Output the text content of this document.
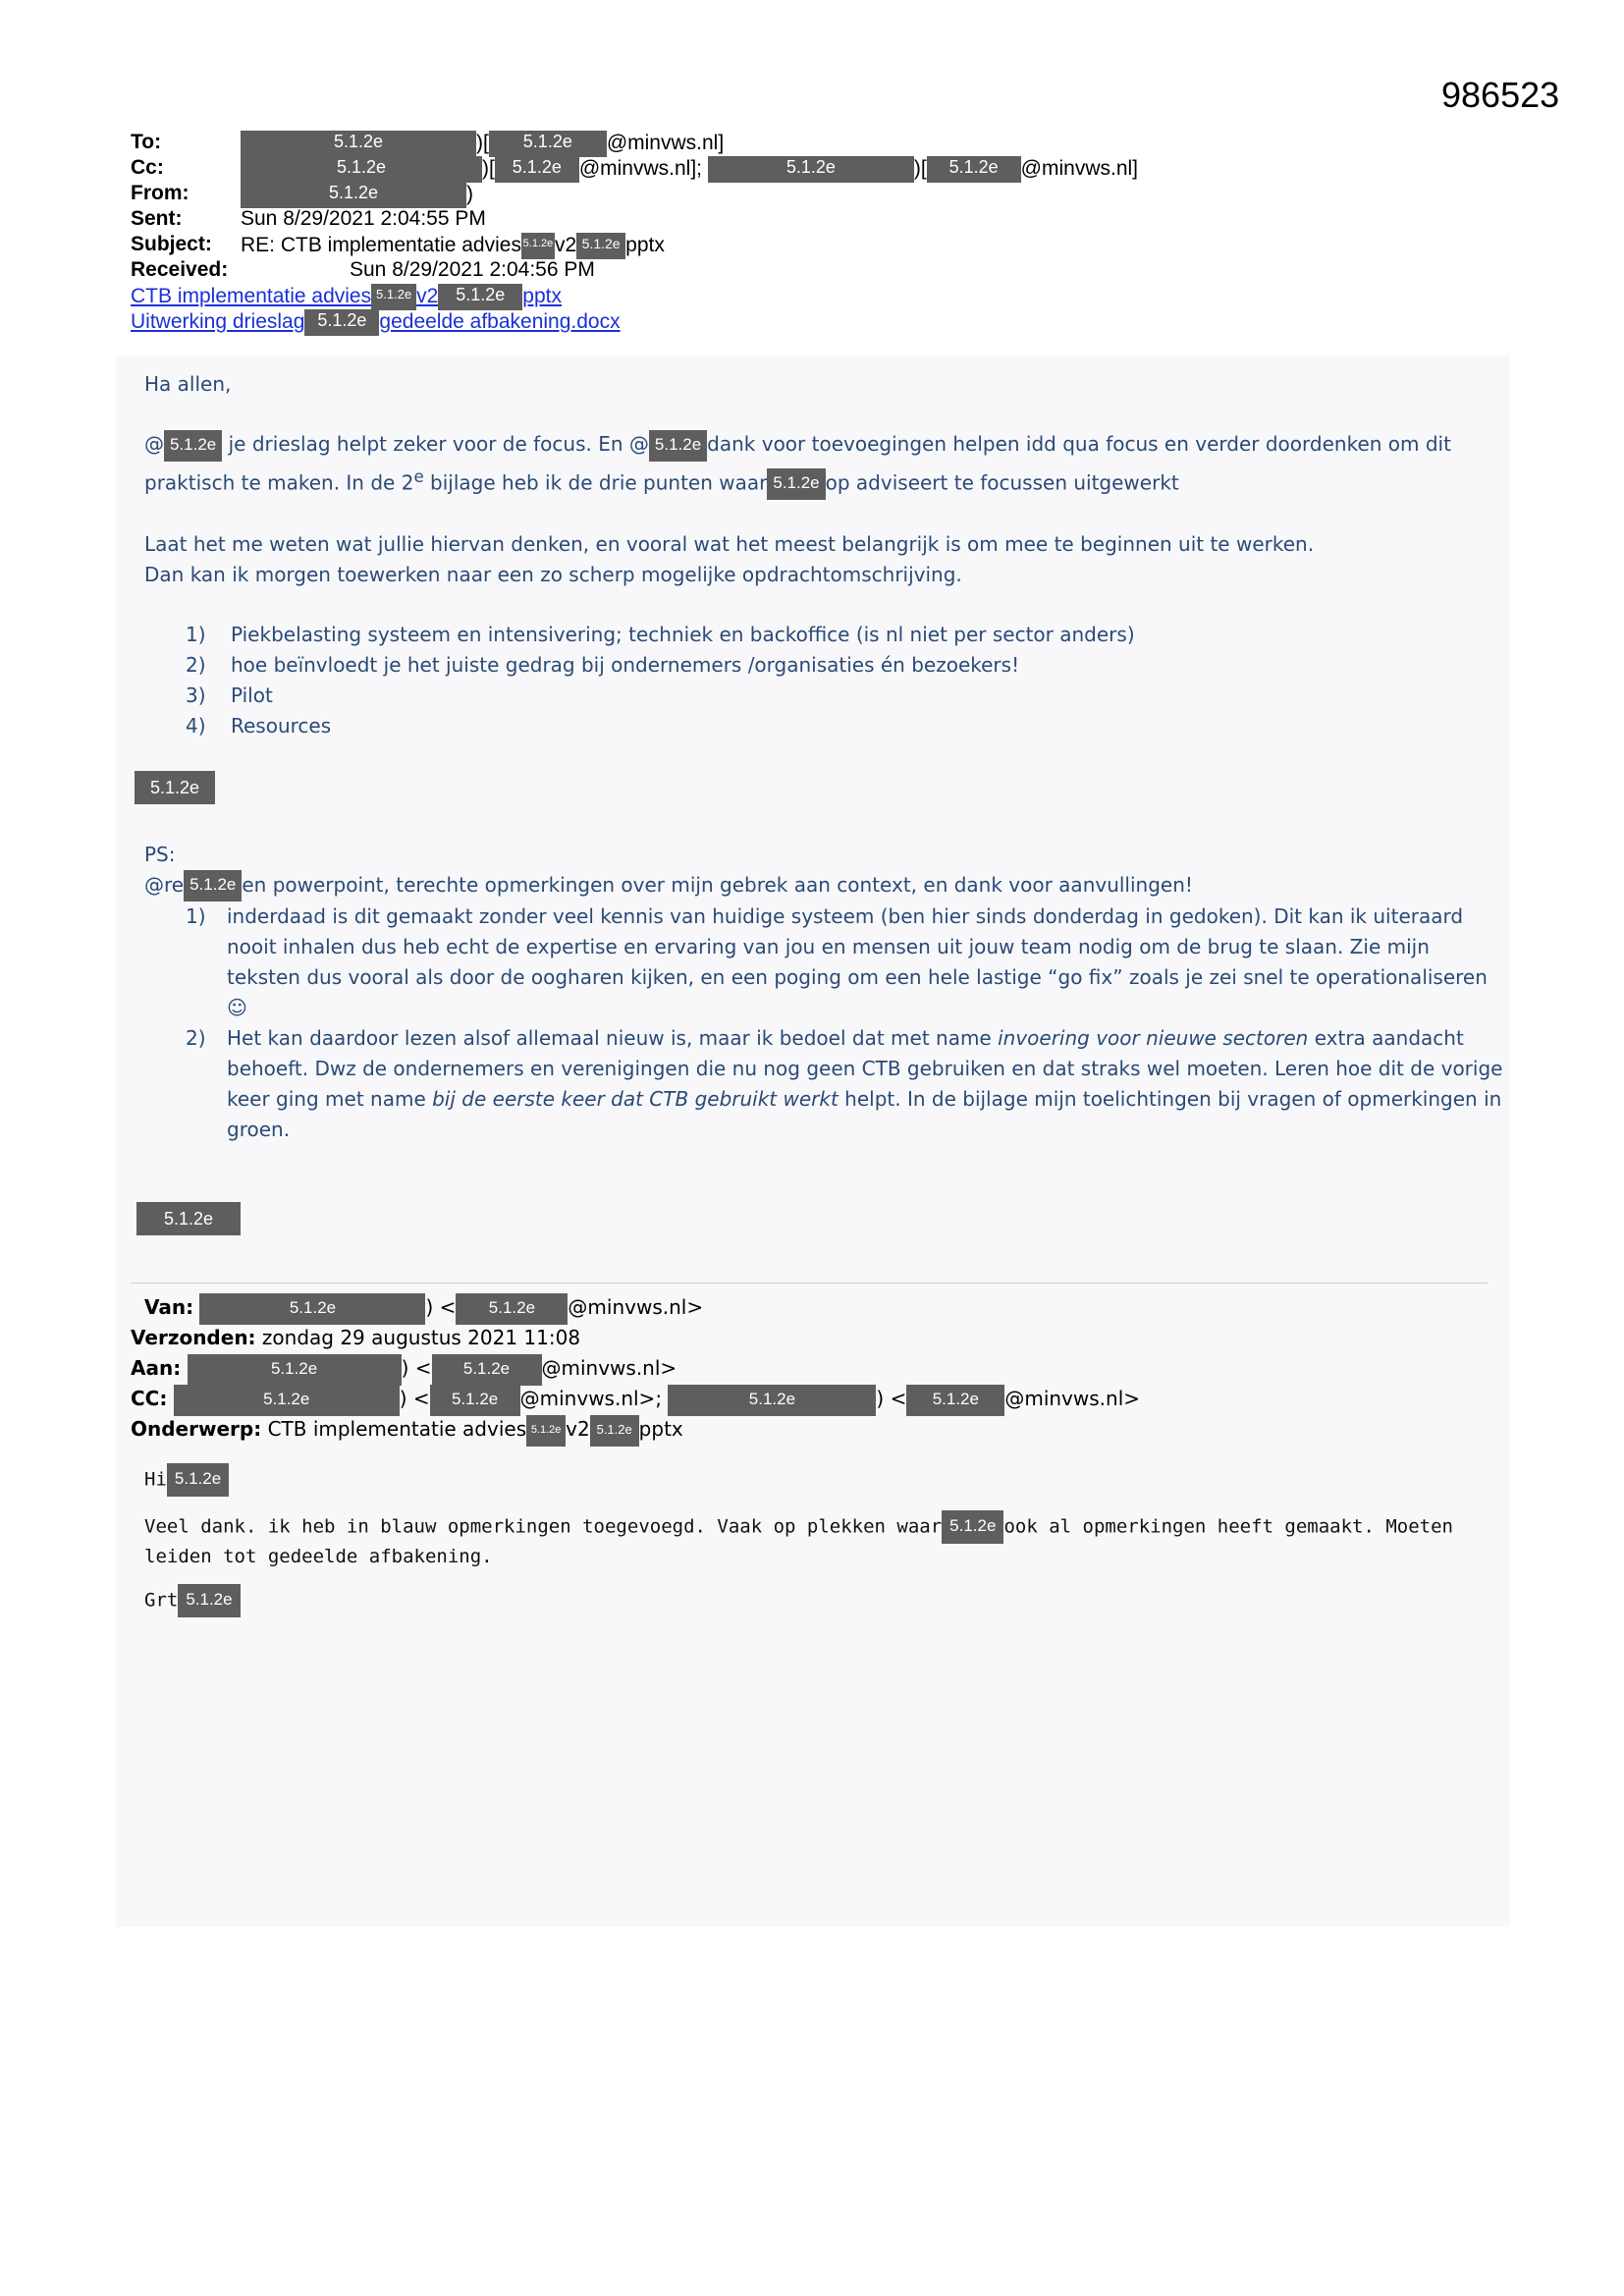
986523
To:	5.1.2e	)[ 5.1.2e @minvws.nl]
Cc:	5.1.2e	)[ 5.1.2e @minvws.nl];	5.1.2e	)[ 5.1.2e @minvws.nl]
From:	5.1.2e	)
Sent:	Sun 8/29/2021 2:04:55 PM
Subject: RE: CTB implementatie advies 5.1.2ev2 5.1.2e pptx
Received:	Sun 8/29/2021 2:04:56 PM
CTB implementatie advies 5.1.2e v2 5.1.2e pptx
Uitwerking drieslag 5.1.2e gedeelde afbakening.docx

Ha allen,

@ 5.1.2e je drieslag helpt zeker voor de focus. En @ 5.1.2e dank voor toevoegingen helpen idd qua focus en verder doordenken om dit praktisch te maken. In de 2e bijlage heb ik de drie punten waar 5.1.2e op adviseert te focussen uitgewerkt

Laat het me weten wat jullie hiervan denken, en vooral wat het meest belangrijk is om mee te beginnen uit te werken.

Dan kan ik morgen toewerken naar een zo scherp mogelijke opdrachtomschrijving.

1) Piekbelasting systeem en intensivering; techniek en backoffice (is nl niet per sector anders)
2) hoe beïnvloedt je het juiste gedrag bij ondernemers /organisaties én bezoekers!
3) Pilot
4) Resources

5.1.2e

PS:

@re 5.1.2e en powerpoint, terechte opmerkingen over mijn gebrek aan context, en dank voor aanvullingen!

1) inderdaad is dit gemaakt zonder veel kennis van huidige systeem (ben hier sinds donderdag in gedoken). Dit kan ik uiteraard nooit inhalen dus heb echt de expertise en ervaring van jou en mensen uit jouw team nodig om de brug te slaan. Zie mijn teksten dus vooral als door de oogharen kijken, en een poging om een hele lastige “go fix” zoals je zei snel te operationaliseren ☺
2) Het kan daardoor lezen alsof allemaal nieuw is, maar ik bedoel dat met name invoering voor nieuwe sectoren extra aandacht behoeft. Dwz de ondernemers en verenigingen die nu nog geen CTB gebruiken en dat straks wel moeten. Leren hoe dit de vorige keer ging met name bij de eerste keer dat CTB gebruikt werkt helpt. In de bijlage mijn toelichtingen bij vragen of opmerkingen in groen.

5.1.2e

Van:	5.1.2e	) < 5.1.2e @minvws.nl>
Verzonden: zondag 29 augustus 2021 11:08
Aan:	5.1.2e	) < 5.1.2e @minvws.nl>
CC:	5.1.2e	) < 5.1.2e @minvws.nl>;	5.1.2e	) < 5.1.2e @minvws.nl>
Onderwerp: CTB implementatie advies 5.1.2e v2 5.1.2e pptx

Hi 5.1.2e

Veel dank. ik heb in blauw opmerkingen toegevoegd. Vaak op plekken waar 5.1.2e ook al opmerkingen heeft gemaakt. Moeten leiden tot gedeelde afbakening.

Grt 5.1.2e
